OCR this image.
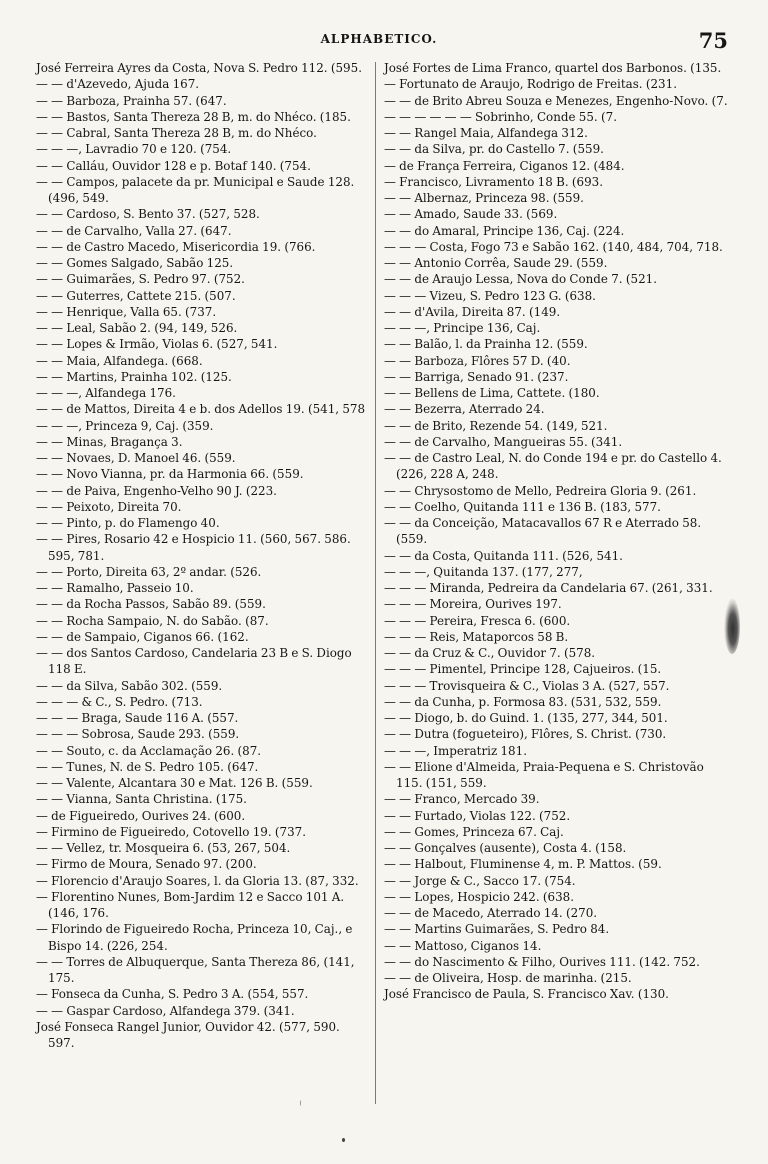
ALPHABETICO.	75
José Ferreira Ayres da Costa, Nova S. Pedro 112. (595.
— — d'Azevedo, Ajuda 167.
— — Barboza, Prainha 57. (647.
— — Bastos, Santa Thereza 28 B, m. do Nhéco. (185.
— — Cabral, Santa Thereza 28 B, m. do Nhéco.
— — —, Lavradio 70 e 120. (754.
— — Calláu, Ouvidor 128 e p. Botaf 140. (754.
— — Campos, palacete da pr. Municipal e Saude 128. (496, 549.
— — Cardoso, S. Bento 37. (527, 528.
— — de Carvalho, Valla 27. (647.
— — de Castro Macedo, Misericordia 19. (766.
— — Gomes Salgado, Sabão 125.
— — Guimarães, S. Pedro 97. (752.
— — Guterres, Cattete 215. (507.
— — Henrique, Valla 65. (737.
— — Leal, Sabão 2. (94, 149, 526.
— — Lopes & Irmão, Violas 6. (527, 541.
— — Maia, Alfandega. (668.
— — Martins, Prainha 102. (125.
— — —, Alfandega 176.
— — de Mattos, Direita 4 e b. dos Adellos 19. (541, 578
— — —, Princeza 9, Caj. (359.
— — Minas, Bragança 3.
— — Novaes, D. Manoel 46. (559.
— — Novo Vianna, pr. da Harmonia 66. (559.
— — de Paiva, Engenho-Velho 90 J. (223.
— — Peixoto, Direita 70.
— — Pinto, p. do Flamengo 40.
— — Pires, Rosario 42 e Hospicio 11. (560, 567. 586. 595, 781.
— — Porto, Direita 63, 2º andar. (526.
— — Ramalho, Passeio 10.
— — da Rocha Passos, Sabão 89. (559.
— — Rocha Sampaio, N. do Sabão. (87.
— — de Sampaio, Ciganos 66. (162.
— — dos Santos Cardoso, Candelaria 23 B e S. Diogo 118 E.
— — da Silva, Sabão 302. (559.
— — — & C., S. Pedro. (713.
— — — Braga, Saude 116 A. (557.
— — — Sobrosa, Saude 293. (559.
— — Souto, c. da Acclamação 26. (87.
— — Tunes, N. de S. Pedro 105. (647.
— — Valente, Alcantara 30 e Mat. 126 B. (559.
— — Vianna, Santa Christina. (175.
— de Figueiredo, Ourives 24. (600.
— Firmino de Figueiredo, Cotovello 19. (737.
— — Vellez, tr. Mosqueira 6. (53, 267, 504.
— Firmo de Moura, Senado 97. (200.
— Florencio d'Araujo Soares, l. da Gloria 13. (87, 332.
— Florentino Nunes, Bom-Jardim 12 e Sacco 101 A. (146, 176.
— Florindo de Figueiredo Rocha, Princeza 10, Caj., e Bispo 14. (226, 254.
— — Torres de Albuquerque, Santa Thereza 86, (141, 175.
— Fonseca da Cunha, S. Pedro 3 A. (554, 557.
— — Gaspar Cardoso, Alfandega 379. (341.
José Fonseca Rangel Junior, Ouvidor 42. (577, 590. 597.
José Fortes de Lima Franco, quartel dos Barbonos. (135.
— Fortunato de Araujo, Rodrigo de Freitas. (231.
— — de Brito Abreu Souza e Menezes, Engenho-Novo. (7.
— — — — — — Sobrinho, Conde 55. (7.
— — Rangel Maia, Alfandega 312.
— — da Silva, pr. do Castello 7. (559.
— de França Ferreira, Ciganos 12. (484.
— Francisco, Livramento 18 B. (693.
— — Albernaz, Princeza 98. (559.
— — Amado, Saude 33. (569.
— — do Amaral, Principe 136, Caj. (224.
— — — Costa, Fogo 73 e Sabão 162. (140, 484, 704, 718.
— — Antonio Corrêa, Saude 29. (559.
— — de Araujo Lessa, Nova do Conde 7. (521.
— — — Vizeu, S. Pedro 123 G. (638.
— — d'Avila, Direita 87. (149.
— — —, Principe 136, Caj.
— — Balão, l. da Prainha 12. (559.
— — Barboza, Flôres 57 D. (40.
— — Barriga, Senado 91. (237.
— — Bellens de Lima, Cattete. (180.
— — Bezerra, Aterrado 24.
— — de Brito, Rezende 54. (149, 521.
— — de Carvalho, Mangueiras 55. (341.
— — de Castro Leal, N. do Conde 194 e pr. do Castello 4. (226, 228 A, 248.
— — Chrysostomo de Mello, Pedreira Gloria 9. (261.
— — Coelho, Quitanda 111 e 136 B. (183, 577.
— — da Conceição, Matacavallos 67 R e Aterrado 58. (559.
— — da Costa, Quitanda 111. (526, 541.
— — —, Quitanda 137. (177, 277,
— — — Miranda, Pedreira da Candelaria 67. (261, 331.
— — — Moreira, Ourives 197.
— — — Pereira, Fresca 6. (600.
— — — Reis, Mataporcos 58 B.
— — da Cruz & C., Ouvidor 7. (578.
— — — Pimentel, Principe 128, Cajueiros. (15.
— — — Trovisqueira & C., Violas 3 A. (527, 557.
— — da Cunha, p. Formosa 83. (531, 532, 559.
— — Diogo, b. do Guind. 1. (135, 277, 344, 501.
— — Dutra (fogueteiro), Flôres, S. Christ. (730.
— — —, Imperatriz 181.
— — Elione d'Almeida, Praia-Pequena e S. Christovão 115. (151, 559.
— — Franco, Mercado 39.
— — Furtado, Violas 122. (752.
— — Gomes, Princeza 67. Caj.
— — Gonçalves (ausente), Costa 4. (158.
— — Halbout, Fluminense 4, m. P. Mattos. (59.
— — Jorge & C., Sacco 17. (754.
— — Lopes, Hospicio 242. (638.
— — de Macedo, Aterrado 14. (270.
— — Martins Guimarães, S. Pedro 84.
— — Mattoso, Ciganos 14.
— — do Nascimento & Filho, Ourives 111. (142. 752.
— — de Oliveira, Hosp. de marinha. (215.
José Francisco de Paula, S. Francisco Xav. (130.
